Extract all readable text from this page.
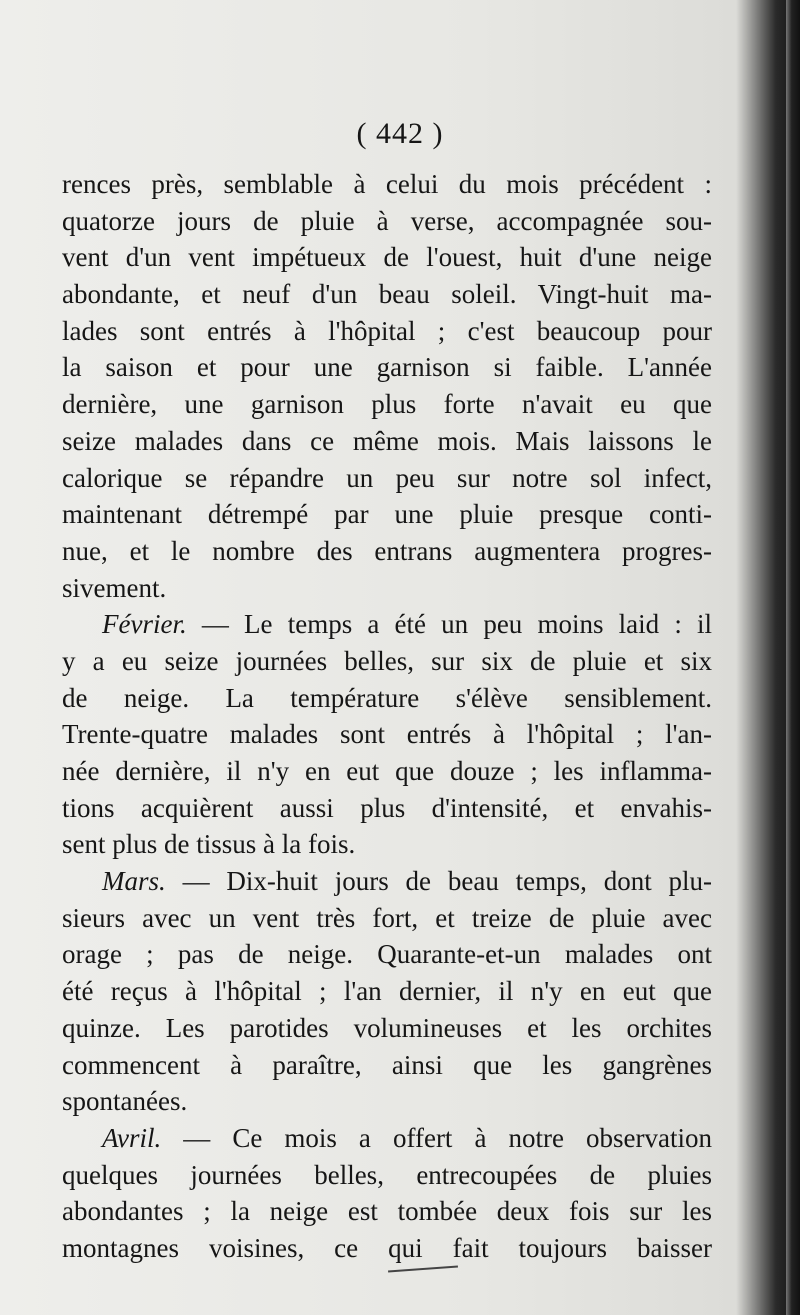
( 442 )
rences près, semblable à celui du mois précédent :
quatorze jours de pluie à verse, accompagnée sou-
vent d'un vent impétueux de l'ouest, huit d'une neige
abondante, et neuf d'un beau soleil. Vingt-huit ma-
lades sont entrés à l'hôpital ; c'est beaucoup pour
la saison et pour une garnison si faible. L'année
dernière, une garnison plus forte n'avait eu que
seize malades dans ce même mois. Mais laissons le
calorique se répandre un peu sur notre sol infect,
maintenant détrempé par une pluie presque conti-
nue, et le nombre des entrans augmentera progres-
sivement.
Février. — Le temps a été un peu moins laid : il
y a eu seize journées belles, sur six de pluie et six
de neige. La température s'élève sensiblement.
Trente-quatre malades sont entrés à l'hôpital ; l'an-
née dernière, il n'y en eut que douze ; les inflamma-
tions acquièrent aussi plus d'intensité, et envahis-
sent plus de tissus à la fois.
Mars. — Dix-huit jours de beau temps, dont plu-
sieurs avec un vent très fort, et treize de pluie avec
orage ; pas de neige. Quarante-et-un malades ont
été reçus à l'hôpital ; l'an dernier, il n'y en eut que
quinze. Les parotides volumineuses et les orchites
commencent à paraître, ainsi que les gangrènes
spontanées.
Avril. — Ce mois a offert à notre observation
quelques journées belles, entrecoupées de pluies
abondantes ; la neige est tombée deux fois sur les
montagnes voisines, ce qui fait toujours baisser
